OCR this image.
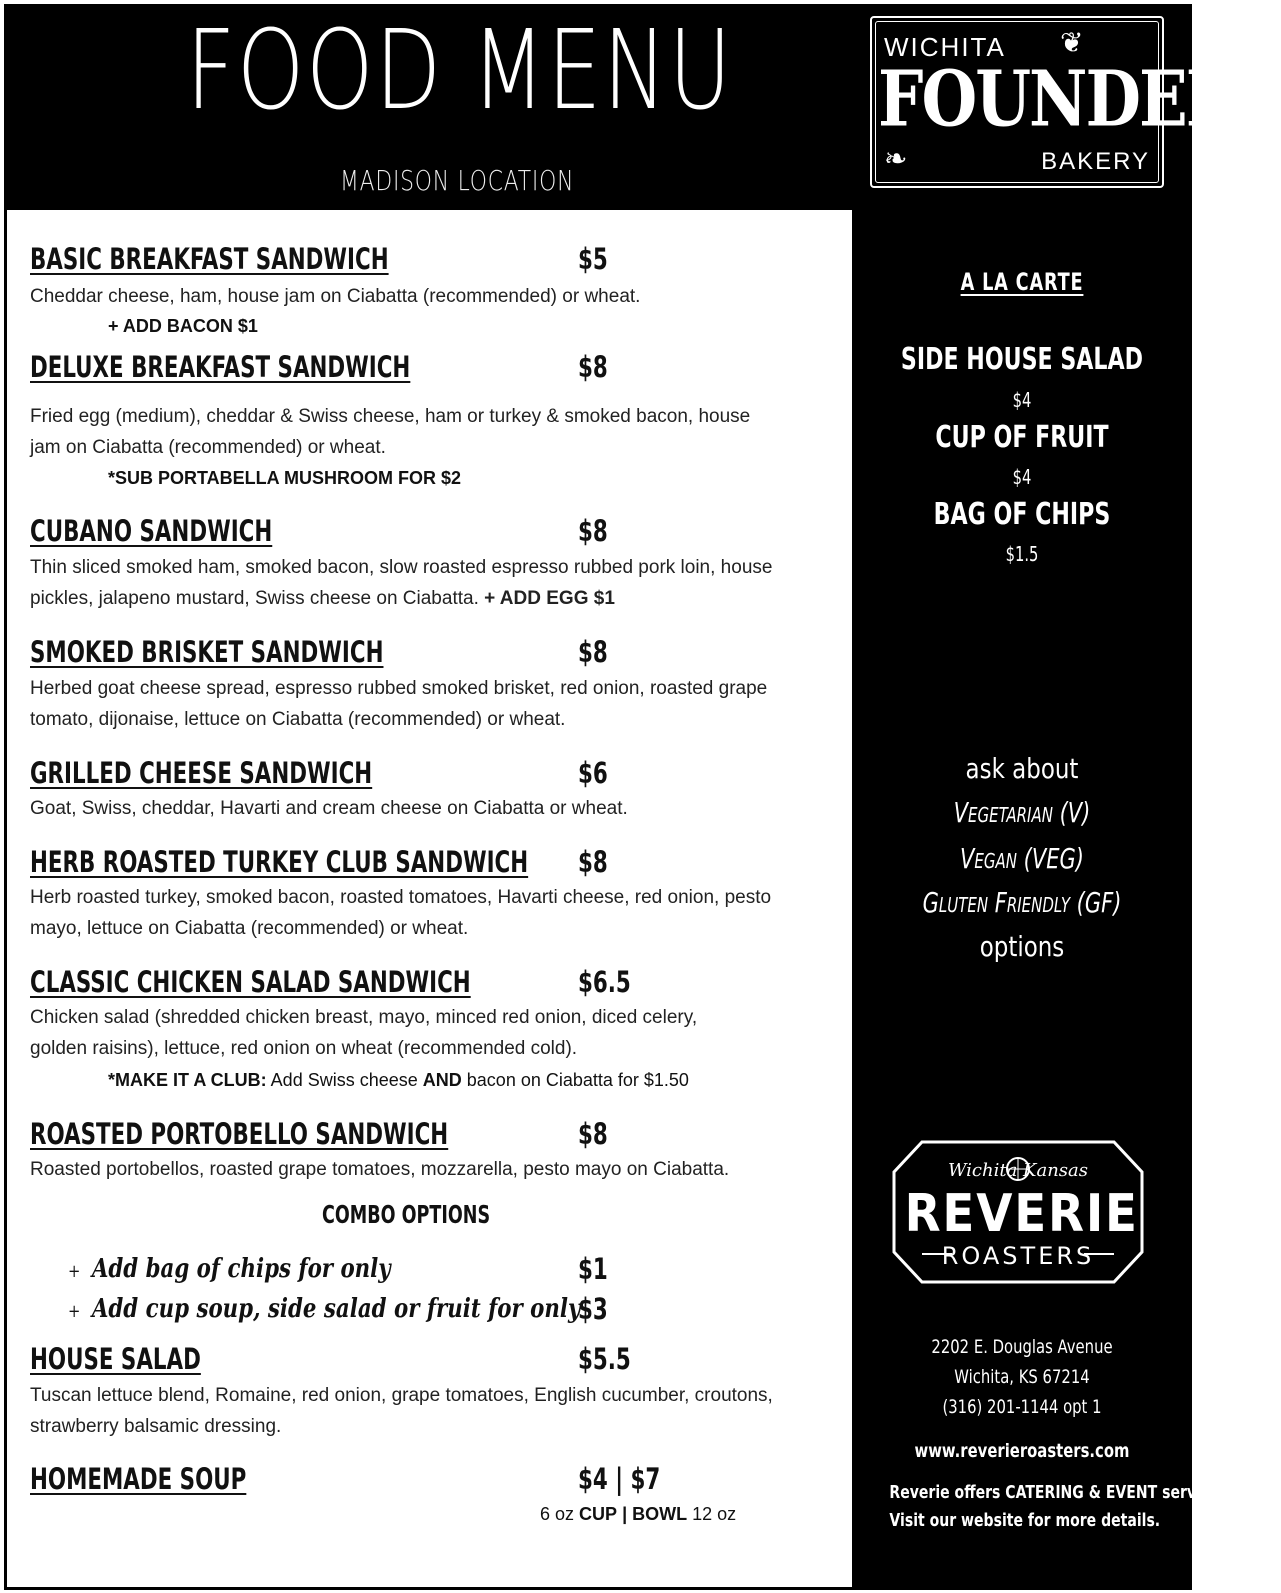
FOOD MENU
MADISON LOCATION
WICHITA ❦
FOUNDERS
❧	BAKERY
BASIC BREAKFAST SANDWICH	$5
Cheddar cheese, ham, house jam on Ciabatta (recommended) or wheat.
+ ADD BACON $1
DELUXE BREAKFAST SANDWICH	$8
Fried egg (medium), cheddar & Swiss cheese, ham or turkey & smoked bacon, house jam on Ciabatta (recommended) or wheat.
*SUB PORTABELLA MUSHROOM FOR $2
CUBANO SANDWICH	$8
Thin sliced smoked ham, smoked bacon, slow roasted espresso rubbed pork loin, house pickles, jalapeno mustard, Swiss cheese on Ciabatta. + ADD EGG $1
SMOKED BRISKET SANDWICH	$8
Herbed goat cheese spread, espresso rubbed smoked brisket, red onion, roasted grape tomato, dijonaise, lettuce on Ciabatta (recommended) or wheat.
GRILLED CHEESE SANDWICH	$6
Goat, Swiss, cheddar, Havarti and cream cheese on Ciabatta or wheat.
HERB ROASTED TURKEY CLUB SANDWICH $8
Herb roasted turkey, smoked bacon, roasted tomatoes, Havarti cheese, red onion, pesto mayo, lettuce on Ciabatta (recommended) or wheat.
CLASSIC CHICKEN SALAD SANDWICH	$6.5
Chicken salad (shredded chicken breast, mayo, minced red onion, diced celery, golden raisins), lettuce, red onion on wheat (recommended cold).
*MAKE IT A CLUB: Add Swiss cheese AND bacon on Ciabatta for $1.50
ROASTED PORTOBELLO SANDWICH	$8
Roasted portobellos, roasted grape tomatoes, mozzarella, pesto mayo on Ciabatta.
COMBO OPTIONS
+ Add bag of chips for only	$1
+ Add cup soup, side salad or fruit for only
$3
HOUSE SALAD	$5.5
Tuscan lettuce blend, Romaine, red onion, grape tomatoes, English cucumber, croutons, strawberry balsamic dressing.
HOMEMADE SOUP	$4 | $7
6 oz CUP | BOWL 12 oz
A LA CARTE
SIDE HOUSE SALAD
$4
CUP OF FRUIT
$4
BAG OF CHIPS
$1.5
ask about
Vegetarian (V)
Vegan (VEG)
Gluten Friendly (GF)
options
Wichita Kansas
REVERIE
ROASTERS
2202 E. Douglas Avenue
Wichita, KS 67214
(316) 201-1144 opt 1
www.reverieroasters.com
Reverie offers CATERING & EVENT services.
Visit our website for more details.
